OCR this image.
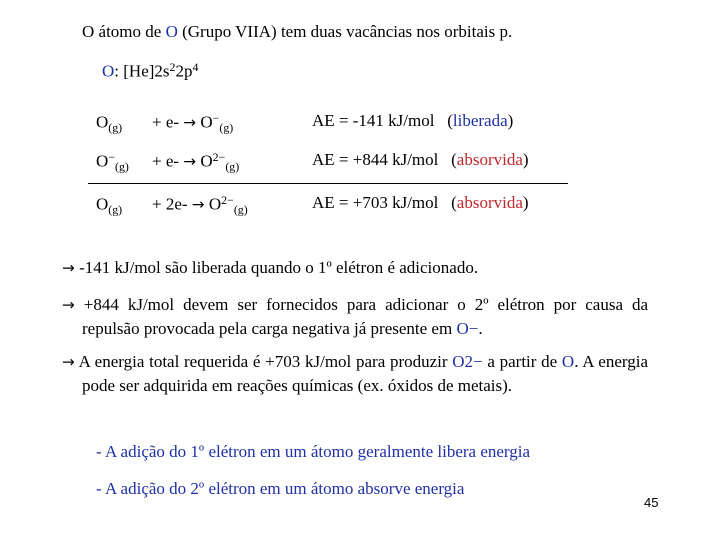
O átomo de O (Grupo VIIA) tem duas vacâncias nos orbitais p.
O: $[He]2s^22p^4$
$O_{(g)} + e- \to O^-_{(g)}$	AE = -141 kJ/mol (liberada)
$O^-_{(g)} + e- \to O^{2-}_{(g)}$	AE = +844 kJ/mol (absorvida)
$O_{(g)} + 2e- \to O^{2-}_{(g)}$	AE = +703 kJ/mol (absorvida)
→ -141 kJ/mol são liberada quando o 1º elétron é adicionado.
→ +844 kJ/mol devem ser fornecidos para adicionar o 2º elétron por causa da repulsão provocada pela carga negativa já presente em O−.
→ A energia total requerida é +703 kJ/mol para produzir O2− a partir de O. A energia pode ser adquirida em reações químicas (ex. óxidos de metais).
- A adição do 1º elétron em um átomo geralmente libera energia
- A adição do 2º elétron em um átomo absorve energia
45
